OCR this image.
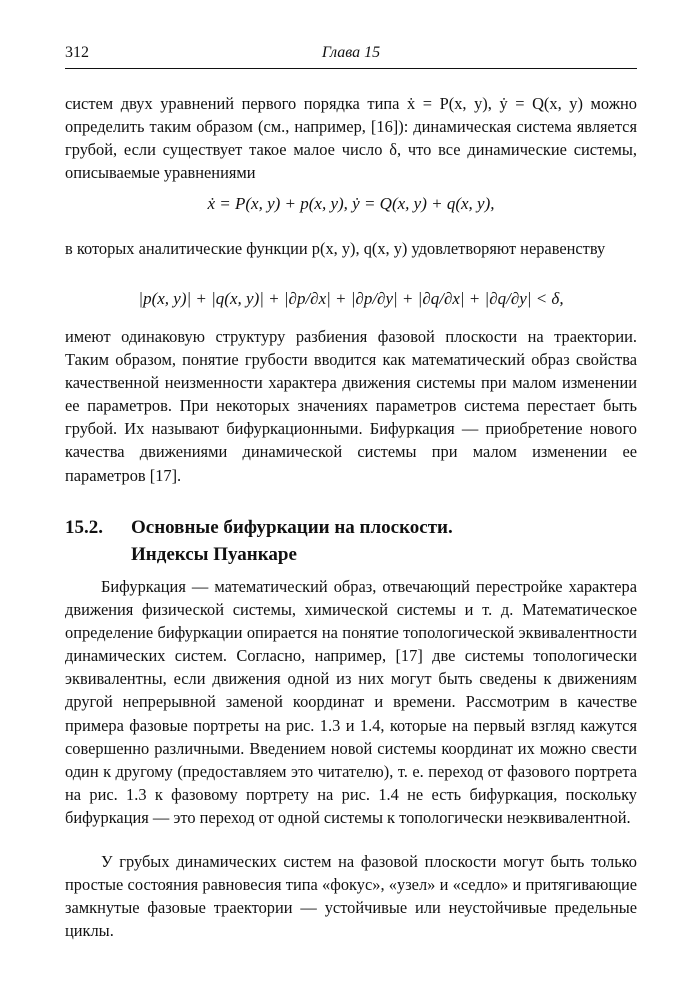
312	Глава 15

систем двух уравнений первого порядка типа ẋ = P(x, y), ẏ = Q(x, y) можно определить таким образом (см., например, [16]): динамическая система является грубой, если существует такое малое число δ, что все динамические системы, описываемые уравнениями

ẋ = P(x, y) + p(x, y), ẏ = Q(x, y) + q(x, y),

в которых аналитические функции p(x, y), q(x, y) удовлетворяют неравенству

|p(x, y)| + |q(x, y)| + |∂p/∂x| + |∂p/∂y| + |∂q/∂x| + |∂q/∂y| < δ,

имеют одинаковую структуру разбиения фазовой плоскости на траектории. Таким образом, понятие грубости вводится как математический образ свойства качественной неизменности характера движения системы при малом изменении ее параметров. При некоторых значениях параметров система перестает быть грубой. Их называют бифуркационными. Бифуркация — приобретение нового качества движениями динамической системы при малом изменении ее параметров [17].

15.2. Основные бифуркации на плоскости.
Индексы Пуанкаре

Бифуркация — математический образ, отвечающий перестройке характера движения физической системы, химической системы и т. д. Математическое определение бифуркации опирается на понятие топологической эквивалентности динамических систем. Согласно, например, [17] две системы топологически эквивалентны, если движения одной из них могут быть сведены к движениям другой непрерывной заменой координат и времени. Рассмотрим в качестве примера фазовые портреты на рис. 1.3 и 1.4, которые на первый взгляд кажутся совершенно различными. Введением новой системы координат их можно свести один к другому (предоставляем это читателю), т. е. переход от фазового портрета на рис. 1.3 к фазовому портрету на рис. 1.4 не есть бифуркация, поскольку бифуркация — это переход от одной системы к топологически неэквивалентной.

У грубых динамических систем на фазовой плоскости могут быть только простые состояния равновесия типа «фокус», «узел» и «седло» и притягивающие замкнутые фазовые траектории — устойчивые или неустойчивые предельные циклы.
